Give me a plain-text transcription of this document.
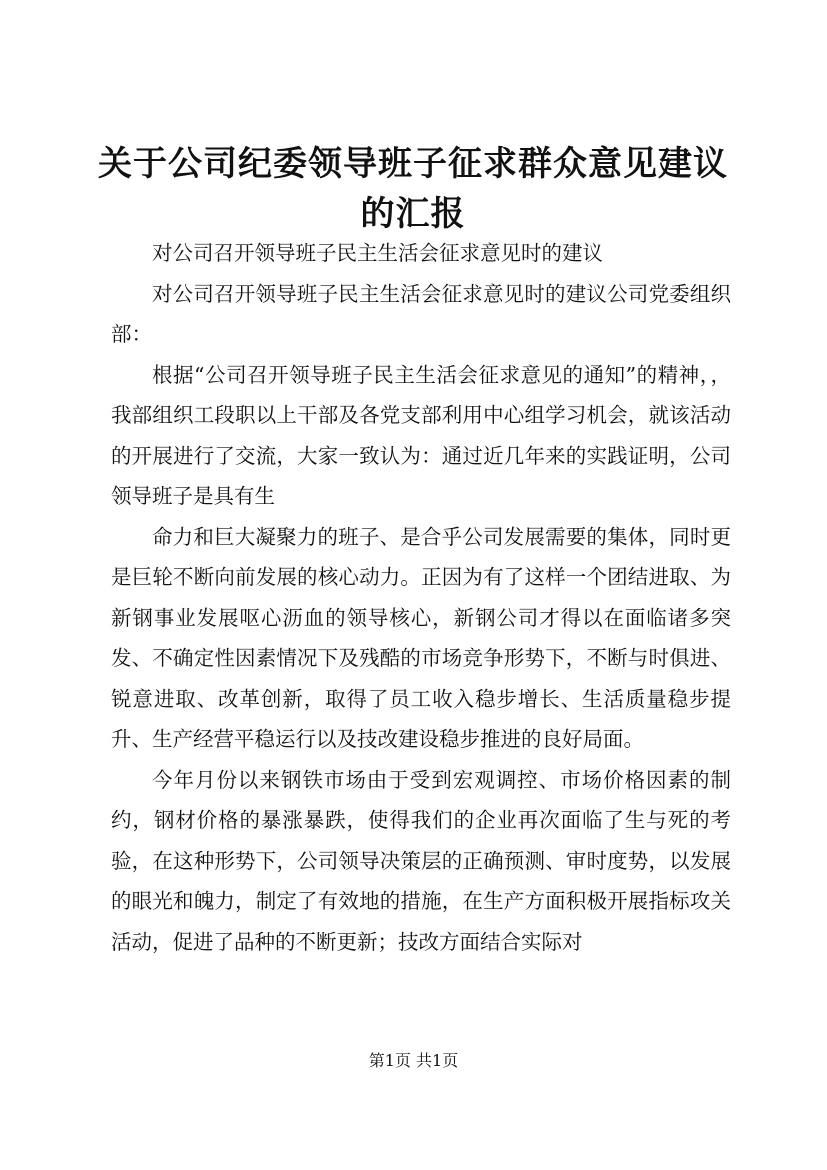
关于公司纪委领导班子征求群众意见建议的汇报

对公司召开领导班子民主生活会征求意见时的建议

对公司召开领导班子民主生活会征求意见时的建议公司党委组织部：

根据“公司召开领导班子民主生活会征求意见的通知”的精神，，我部组织工段职以上干部及各党支部利用中心组学习机会，就该活动的开展进行了交流，大家一致认为：通过近几年来的实践证明，公司领导班子是具有生

命力和巨大凝聚力的班子、是合乎公司发展需要的集体，同时更是巨轮不断向前发展的核心动力。正因为有了这样一个团结进取、为新钢事业发展呕心沥血的领导核心，新钢公司才得以在面临诸多突发、不确定性因素情况下及残酷的市场竞争形势下，不断与时俱进、锐意进取、改革创新，取得了员工收入稳步增长、生活质量稳步提升、生产经营平稳运行以及技改建设稳步推进的良好局面。

今年月份以来钢铁市场由于受到宏观调控、市场价格因素的制约，钢材价格的暴涨暴跌，使得我们的企业再次面临了生与死的考验，在这种形势下，公司领导决策层的正确预测、审时度势，以发展的眼光和魄力，制定了有效地的措施，在生产方面积极开展指标攻关活动，促进了品种的不断更新；技改方面结合实际对

第1页 共1页
